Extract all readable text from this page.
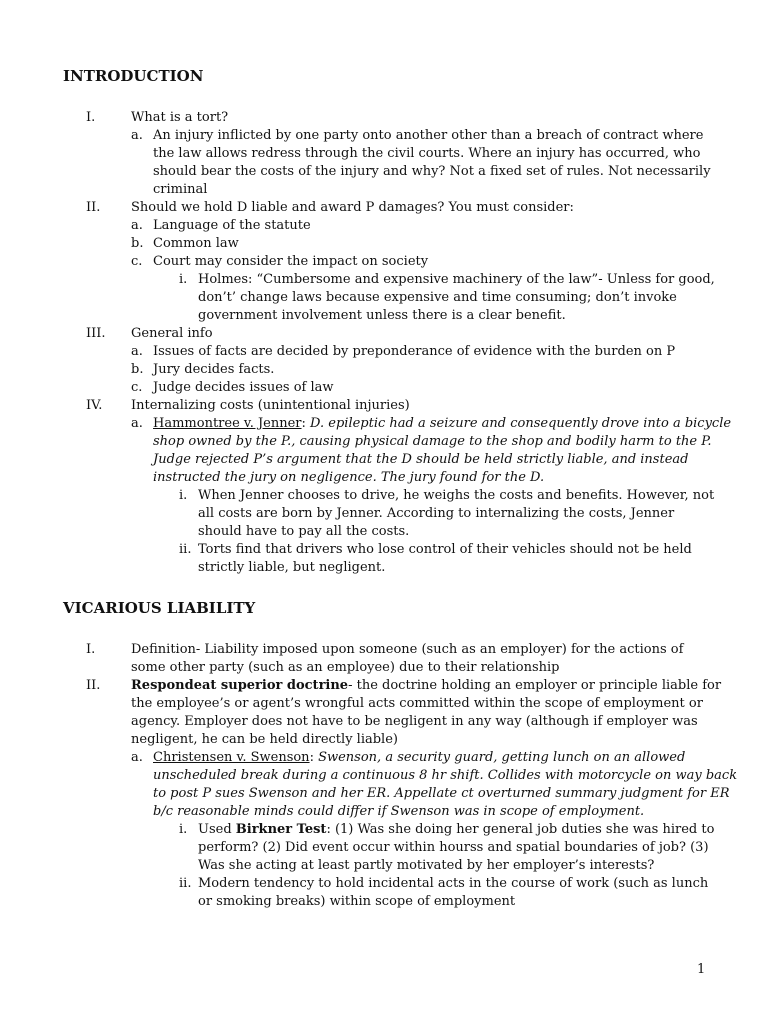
INTRODUCTION
I.	What is a tort?
a. An injury inflicted by one party onto another other than a breach of contract where
the law allows redress through the civil courts. Where an injury has occurred, who
should bear the costs of the injury and why? Not a fixed set of rules. Not necessarily
criminal
II. Should we hold D liable and award P damages? You must consider:
a. Language of the statute
b. Common law
c. Court may consider the impact on society
i. Holmes: “Cumbersome and expensive machinery of the law”- Unless for good,
don’t’ change laws because expensive and time consuming; don’t invoke
government involvement unless there is a clear benefit.
III. General info
a. Issues of facts are decided by preponderance of evidence with the burden on P
b. Jury decides facts.
c. Judge decides issues of law
IV. Internalizing costs (unintentional injuries)
a. Hammontree v. Jenner: D. epileptic had a seizure and consequently drove into a bicycle
shop owned by the P., causing physical damage to the shop and bodily harm to the P.
Judge rejected P’s argument that the D should be held strictly liable, and instead
instructed the jury on negligence. The jury found for the D.
i. When Jenner chooses to drive, he weighs the costs and benefits. However, not
all costs are born by Jenner. According to internalizing the costs, Jenner
should have to pay all the costs.
ii. Torts find that drivers who lose control of their vehicles should not be held
strictly liable, but negligent.
VICARIOUS LIABILITY
I.	Definition- Liability imposed upon someone (such as an employer) for the actions of
some other party (such as an employee) due to their relationship
II. Respondeat superior doctrine- the doctrine holding an employer or principle liable for
the employee’s or agent’s wrongful acts committed within the scope of employment or
agency. Employer does not have to be negligent in any way (although if employer was
negligent, he can be held directly liable)
a. Christensen v. Swenson: Swenson, a security guard, getting lunch on an allowed
unscheduled break during a continuous 8 hr shift. Collides with motorcycle on way back
to post P sues Swenson and her ER. Appellate ct overturned summary judgment for ER
b/c reasonable minds could differ if Swenson was in scope of employment.
i. Used Birkner Test: (1) Was she doing her general job duties she was hired to
perform? (2) Did event occur within hourss and spatial boundaries of job? (3)
Was she acting at least partly motivated by her employer’s interests?
ii. Modern tendency to hold incidental acts in the course of work (such as lunch
or smoking breaks) within scope of employment
1
